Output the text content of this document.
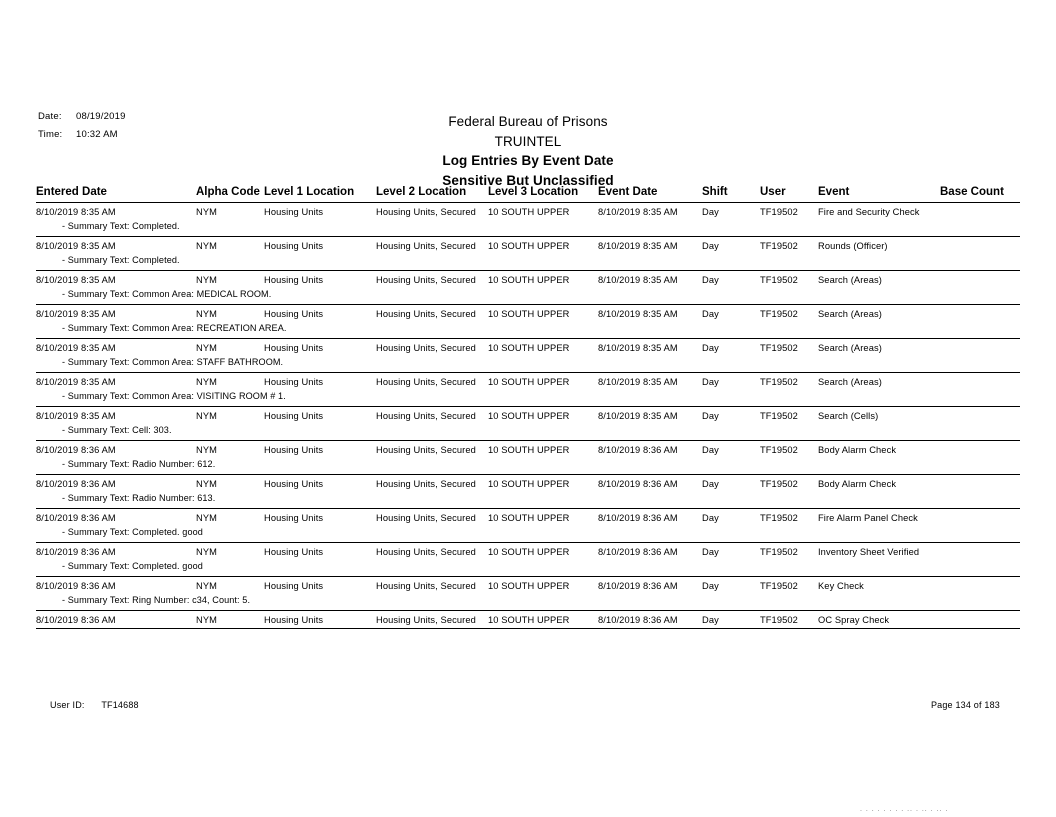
Date:	08/19/2019
Time:	10:32 AM
Federal Bureau of Prisons
TRUINTEL
Log Entries By Event Date
Sensitive But Unclassified
Entered Date	Alpha Code	Level 1 Location	Level 2 Location	Level 3 Location	Event Date	Shift	User	Event	Base Count

8/10/2019 8:35 AM	NYM	Housing Units	Housing Units, Secured	10 SOUTH UPPER	8/10/2019 8:35 AM	Day	TF19502	Fire and Security Check	
- Summary Text: Completed.									
8/10/2019 8:35 AM	NYM	Housing Units	Housing Units, Secured	10 SOUTH UPPER	8/10/2019 8:35 AM	Day	TF19502	Rounds (Officer)	
- Summary Text: Completed.									
8/10/2019 8:35 AM	NYM	Housing Units	Housing Units, Secured	10 SOUTH UPPER	8/10/2019 8:35 AM	Day	TF19502	Search (Areas)	
- Summary Text: Common Area: MEDICAL ROOM.									
8/10/2019 8:35 AM	NYM	Housing Units	Housing Units, Secured	10 SOUTH UPPER	8/10/2019 8:35 AM	Day	TF19502	Search (Areas)	
- Summary Text: Common Area: RECREATION AREA.									
8/10/2019 8:35 AM	NYM	Housing Units	Housing Units, Secured	10 SOUTH UPPER	8/10/2019 8:35 AM	Day	TF19502	Search (Areas)	
- Summary Text: Common Area: STAFF BATHROOM.									
8/10/2019 8:35 AM	NYM	Housing Units	Housing Units, Secured	10 SOUTH UPPER	8/10/2019 8:35 AM	Day	TF19502	Search (Areas)	
- Summary Text: Common Area: VISITING ROOM # 1.									
8/10/2019 8:35 AM	NYM	Housing Units	Housing Units, Secured	10 SOUTH UPPER	8/10/2019 8:35 AM	Day	TF19502	Search (Cells)	
- Summary Text: Cell: 303.									
8/10/2019 8:36 AM	NYM	Housing Units	Housing Units, Secured	10 SOUTH UPPER	8/10/2019 8:36 AM	Day	TF19502	Body Alarm Check	
- Summary Text: Radio Number: 612.									
8/10/2019 8:36 AM	NYM	Housing Units	Housing Units, Secured	10 SOUTH UPPER	8/10/2019 8:36 AM	Day	TF19502	Body Alarm Check	
- Summary Text: Radio Number: 613.									
8/10/2019 8:36 AM	NYM	Housing Units	Housing Units, Secured	10 SOUTH UPPER	8/10/2019 8:36 AM	Day	TF19502	Fire Alarm Panel Check	
- Summary Text: Completed. good									
8/10/2019 8:36 AM	NYM	Housing Units	Housing Units, Secured	10 SOUTH UPPER	8/10/2019 8:36 AM	Day	TF19502	Inventory Sheet Verified	
- Summary Text: Completed. good									
8/10/2019 8:36 AM	NYM	Housing Units	Housing Units, Secured	10 SOUTH UPPER	8/10/2019 8:36 AM	Day	TF19502	Key Check	
- Summary Text: Ring Number: c34, Count: 5.									
8/10/2019 8:36 AM	NYM	Housing Units	Housing Units, Secured	10 SOUTH UPPER	8/10/2019 8:36 AM	Day	TF19502	OC Spray Check	

User ID: TF14688	Page 134 of 183
. . . . . . . . .. . .. . .. .
